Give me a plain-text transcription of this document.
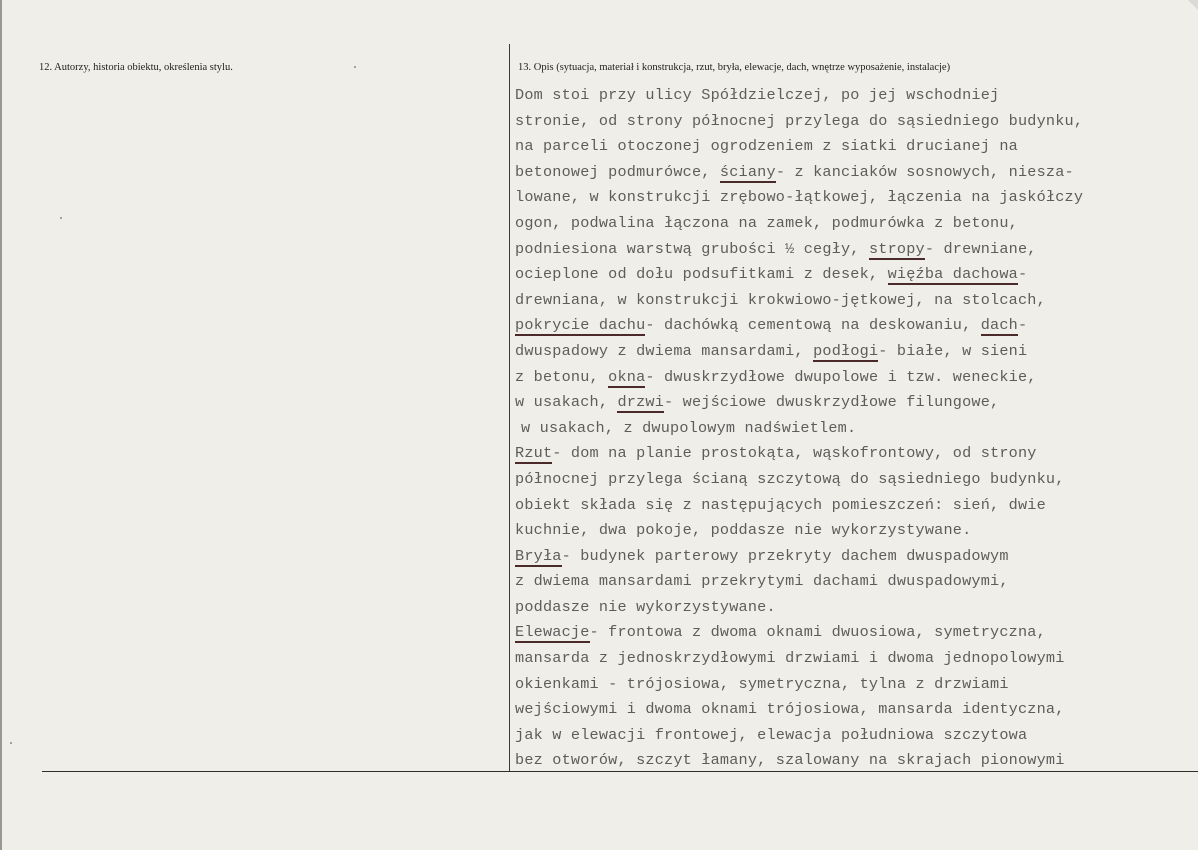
12. Autorzy, historia obiektu, określenia stylu.	13. Opis (sytuacja, materiał i konstrukcja, rzut, bryła, elewacje, dach, wnętrze wyposażenie, instalacje)
Dom stoi przy ulicy Spółdzielczej, po jej wschodniej
stronie, od strony północnej przylega do sąsiedniego budynku,
na parceli otoczonej ogrodzeniem z siatki drucianej na
betonowej podmurówce, ściany- z kanciaków sosnowych, niesza-
lowane, w konstrukcji zrębowo-łątkowej, łączenia na jaskółczy
ogon, podwalina łączona na zamek, podmurówka z betonu,
podniesiona warstwą grubości ½ cegły, stropy- drewniane,
ocieplone od dołu podsufitkami z desek, więźba dachowa-
drewniana, w konstrukcji krokwiowo-jętkowej, na stolcach,
pokrycie dachu- dachówką cementową na deskowaniu, dach-
dwuspadowy z dwiema mansardami, podłogi- białe, w sieni
z betonu, okna- dwuskrzydłowe dwupolowe i tzw. weneckie,
w usakach, drzwi- wejściowe dwuskrzydłowe filungowe,
w usakach, z dwupolowym nadświetlem.
Rzut- dom na planie prostokąta, wąskofrontowy, od strony
północnej przylega ścianą szczytową do sąsiedniego budynku,
obiekt składa się z następujących pomieszczeń: sień, dwie
kuchnie, dwa pokoje, poddasze nie wykorzystywane.
Bryła- budynek parterowy przekryty dachem dwuspadowym
z dwiema mansardami przekrytymi dachami dwuspadowymi,
poddasze nie wykorzystywane.
Elewacje- frontowa z dwoma oknami dwuosiowa, symetryczna,
mansarda z jednoskrzydłowymi drzwiami i dwoma jednopolowymi
okienkami - trójosiowa, symetryczna, tylna z drzwiami
wejściowymi i dwoma oknami trójosiowa, mansarda identyczna,
jak w elewacji frontowej, elewacja południowa szczytowa
bez otworów, szczyt łamany, szalowany na skrajach pionowymi
